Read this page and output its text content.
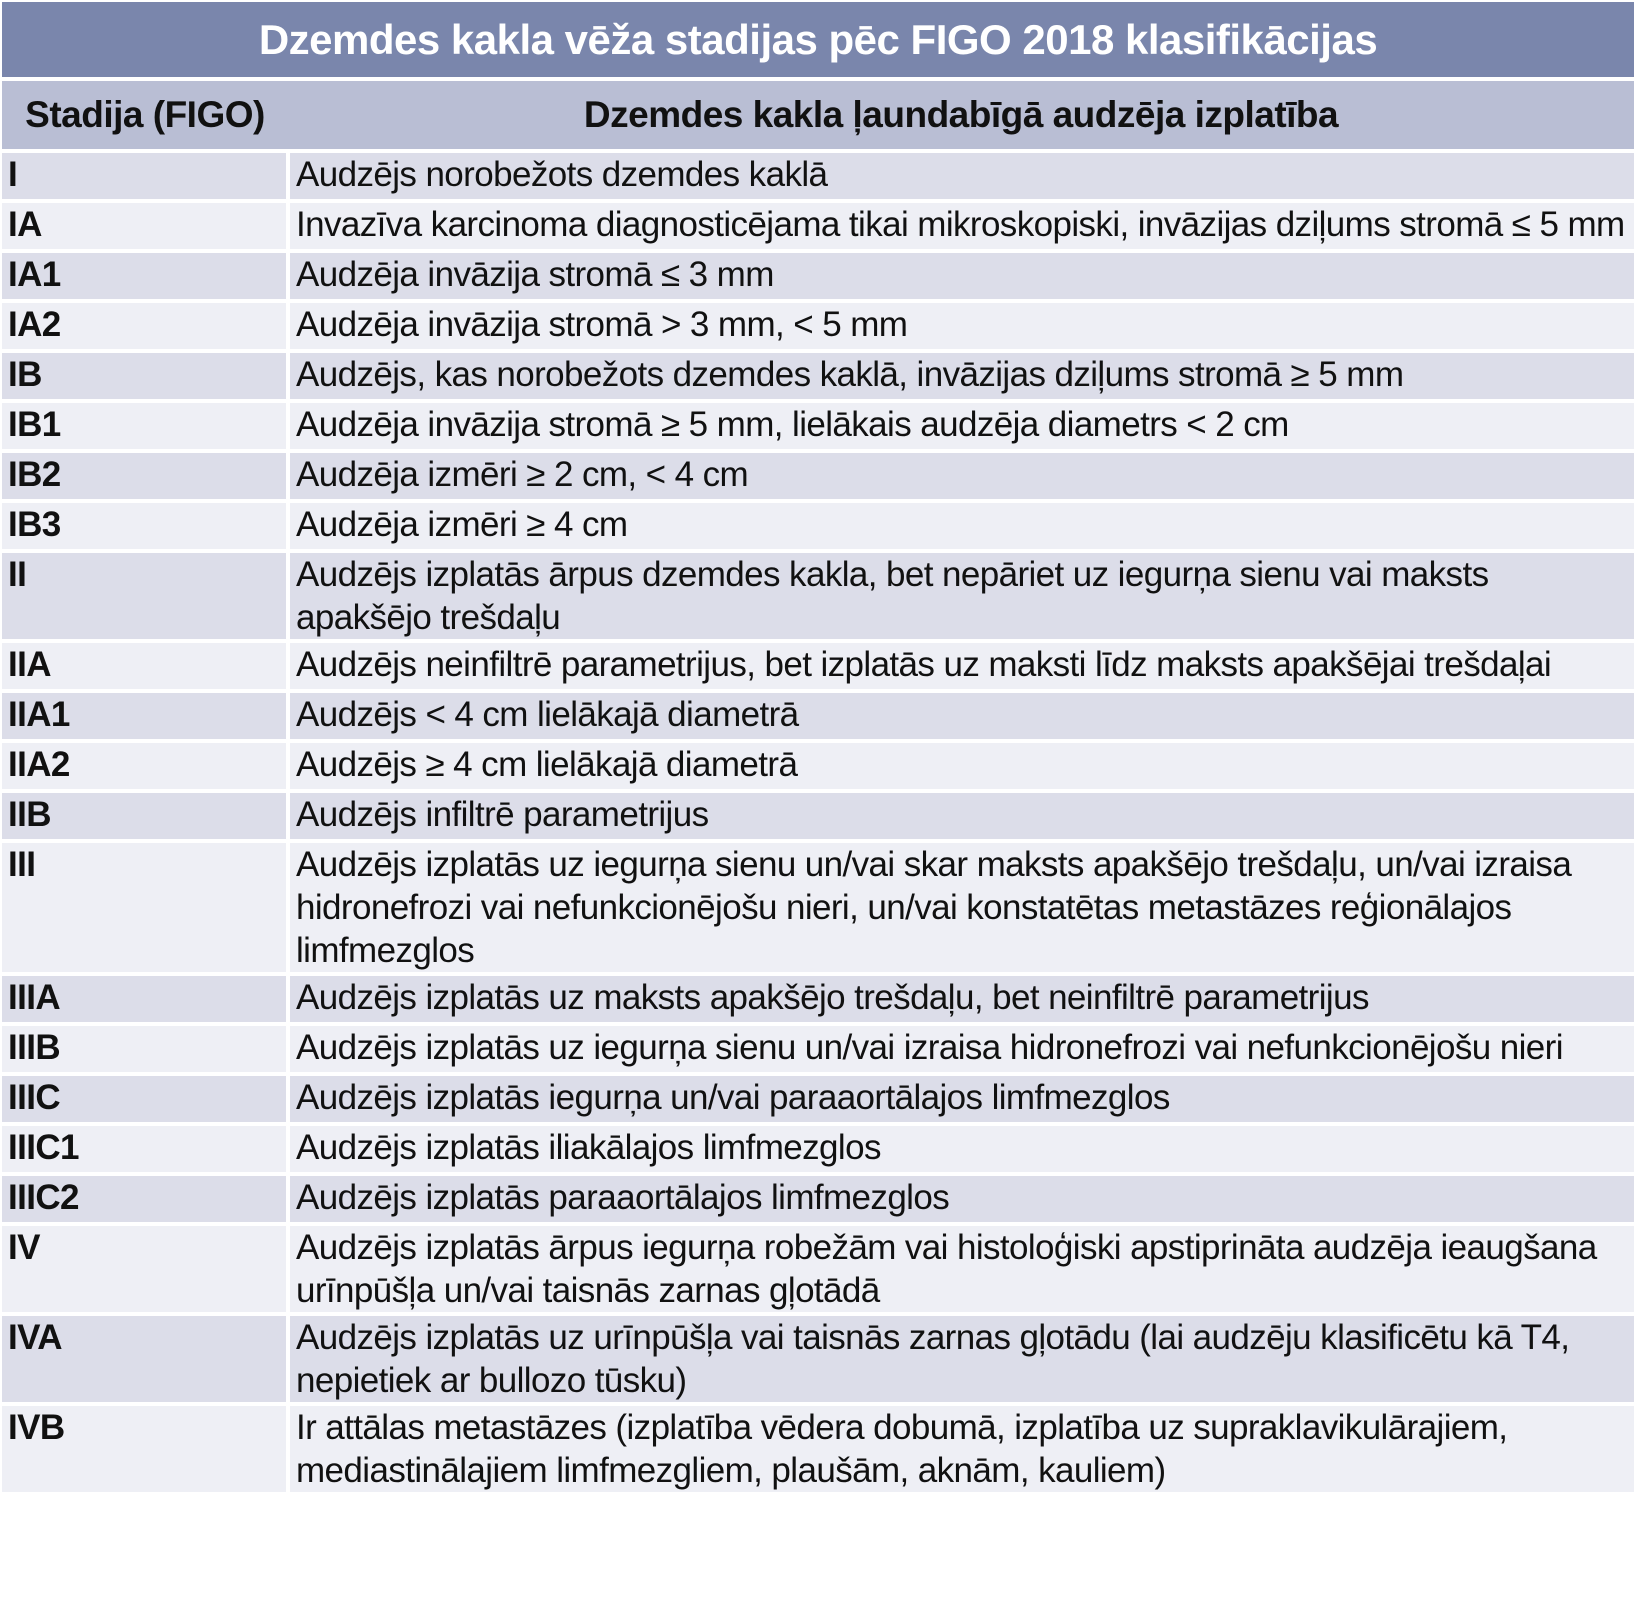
Dzemdes kakla vēža stadijas pēc FIGO 2018 klasifikācijas	
Stadija (FIGO)	Dzemdes kakla ļaundabīgā audzēja izplatība
I	Audzējs norobežots dzemdes kaklā
IA	Invazīva karcinoma diagnosticējama tikai mikroskopiski, invāzijas dziļums stromā ≤ 5 mm
IA1	Audzēja invāzija stromā ≤ 3 mm
IA2	Audzēja invāzija stromā > 3 mm, < 5 mm
IB	Audzējs, kas norobežots dzemdes kaklā, invāzijas dziļums stromā ≥ 5 mm
IB1	Audzēja invāzija stromā ≥ 5 mm, lielākais audzēja diametrs < 2 cm
IB2	Audzēja izmēri ≥ 2 cm, < 4 cm
IB3	Audzēja izmēri ≥ 4 cm
II	Audzējs izplatās ārpus dzemdes kakla, bet nepāriet uz iegurņa sienu vai maksts apakšējo trešdaļu
IIA	Audzējs neinfiltrē parametrijus, bet izplatās uz maksti līdz maksts apakšējai trešdaļai
IIA1	Audzējs < 4 cm lielākajā diametrā
IIA2	Audzējs ≥ 4 cm lielākajā diametrā
IIB	Audzējs infiltrē parametrijus
III	Audzējs izplatās uz iegurņa sienu un/vai skar maksts apakšējo trešdaļu, un/vai izraisa hidronefrozi vai nefunkcionējošu nieri, un/vai konstatētas metastāzes reģionālajos limfmezglos
IIIA	Audzējs izplatās uz maksts apakšējo trešdaļu, bet neinfiltrē parametrijus
IIIB	Audzējs izplatās uz iegurņa sienu un/vai izraisa hidronefrozi vai nefunkcionējošu nieri
IIIC	Audzējs izplatās iegurņa un/vai paraaortālajos limfmezglos
IIIC1	Audzējs izplatās iliakālajos limfmezglos
IIIC2	Audzējs izplatās paraaortālajos limfmezglos
IV	Audzējs izplatās ārpus iegurņa robežām vai histoloģiski apstiprināta audzēja ieaugšana urīnpūšļa un/vai taisnās zarnas gļotādā
IVA	Audzējs izplatās uz urīnpūšļa vai taisnās zarnas gļotādu (lai audzēju klasificētu kā T4, nepietiek ar bullozo tūsku)
IVB	Ir attālas metastāzes (izplatība vēdera dobumā, izplatība uz supraklavikulārajiem, mediastinālajiem limfmezgliem, plaušām, aknām, kauliem)
